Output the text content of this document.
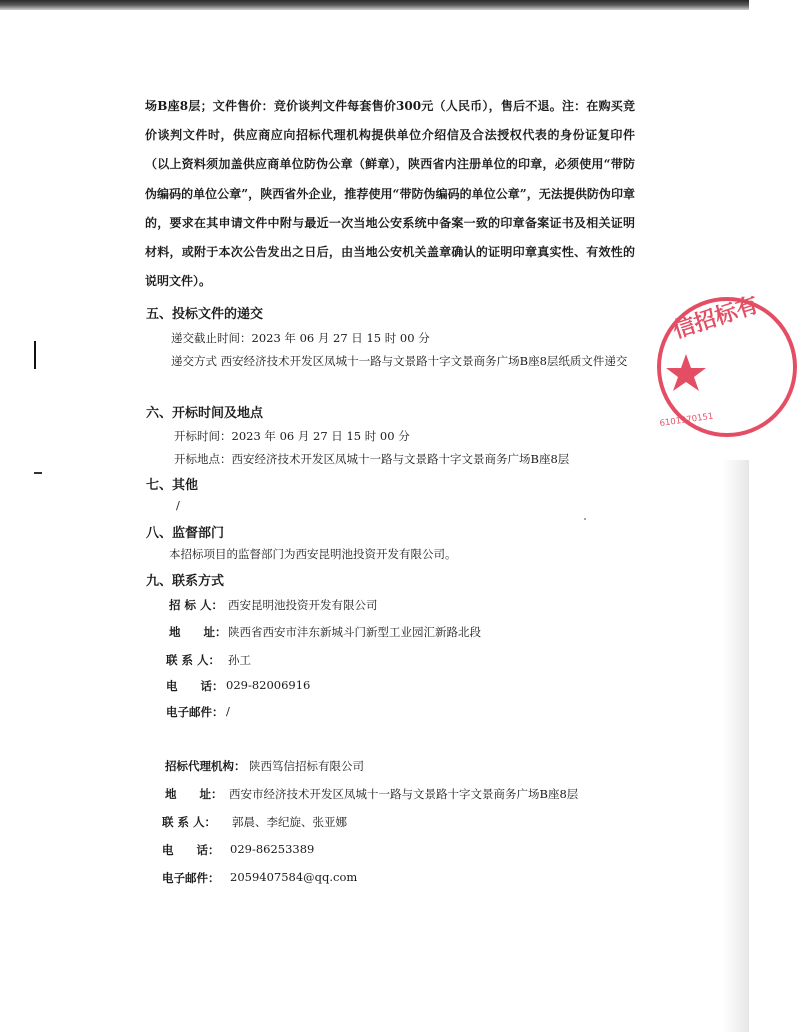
场B座8层；文件售价：竞价谈判文件每套售价300元（人民币），售后不退。注：在购买竞价谈判文件时，供应商应向招标代理机构提供单位介绍信及合法授权代表的身份证复印件（以上资料须加盖供应商单位防伪公章（鲜章），陕西省内注册单位的印章，必须使用“带防伪编码的单位公章”，陕西省外企业，推荐使用“带防伪编码的单位公章”，无法提供防伪印章的，要求在其申请文件中附与最近一次当地公安系统中备案一致的印章备案证书及相关证明材料，或附于本次公告发出之日后，由当地公安机关盖章确认的证明印章真实性、有效性的说明文件）。

五、投标文件的递交
递交截止时间：2023 年 06 月 27 日 15 时 00 分
递交方式 西安经济技术开发区凤城十一路与文景路十字文景商务广场B座8层纸质文件递交
六、开标时间及地点
开标时间：2023 年 06 月 27 日 15 时 00 分
开标地点：西安经济技术开发区凤城十一路与文景路十字文景商务广场B座8层
七、其他
/
八、监督部门
本招标项目的监督部门为西安昆明池投资开发有限公司。
九、联系方式
招 标 人： 西安昆明池投资开发有限公司
地　　址： 陕西省西安市沣东新城斗门新型工业园汇新路北段
联 系 人： 孙工
电　　话： 029-82006916
电子邮件： /
招标代理机构： 陕西笃信招标有限公司
地　　址： 西安市经济技术开发区凤城十一路与文景路十字文景商务广场B座8层
联 系 人： 郭晨、李纪旋、张亚娜
电　　话： 029-86253389
电子邮件： 2059407584@qq.com
信招标有
6101970151
